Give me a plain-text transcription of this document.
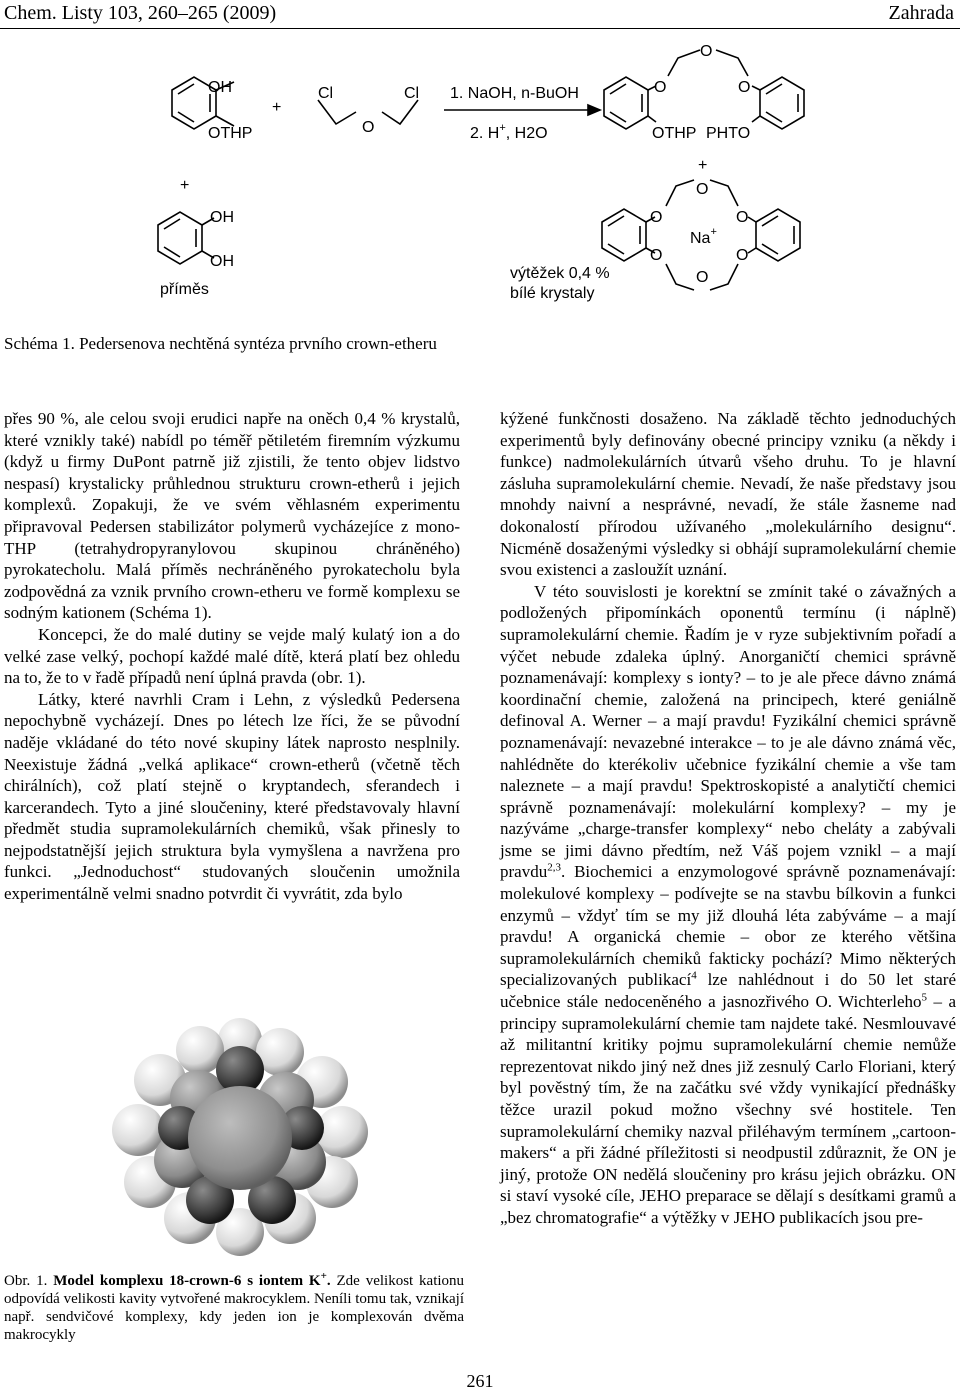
Chem. Listy 103, 260–265 (2009)	Zahrada
OH
OTHP
+
Cl
O
Cl 1. NaOH, n-BuOH
2. H+, H2O
O
O
O
OTHP PHTO
+
+
OH
OH
příměs
výtěžek 0,4 %
bílé krystaly
O
O	O
O	O
O
Na+
Schéma 1. Pedersenova nechtěná syntéza prvního crown-etheru

přes 90 %, ale celou svoji erudici napře na oněch 0,4 % krystalů, které vznikly také) nabídl po téměř pětiletém firemním výzkumu (když u firmy DuPont patrně již zjistili, že tento objev lidstvo nespasí) krystalicky průhlednou strukturu crown-etherů i jejich komplexů. Zopakuji, že ve svém věhlasném experimentu připravoval Pedersen stabilizátor polymerů vycházejíce z mono-THP (tetrahydropyranylovou skupinou chráněného) pyrokatecholu. Malá příměs nechráněného pyrokatecholu byla zodpovědná za vznik prvního crown-etheru ve formě komplexu se sodným kationem (Schéma 1).

Koncepci, že do malé dutiny se vejde malý kulatý ion a do velké zase velký, pochopí každé malé dítě, která platí bez ohledu na to, že to v řadě případů není úplná pravda (obr. 1).

Látky, které navrhli Cram i Lehn, z výsledků Pedersena nepochybně vycházejí. Dnes po létech lze říci, že se původní naděje vkládané do této nové skupiny látek naprosto nesplnily. Neexistuje žádná „velká aplikace“ crown-etherů (včetně těch chirálních), což platí stejně o kryptandech, sferandech i karcerandech. Tyto a jiné sloučeniny, které představovaly hlavní předmět studia supramolekulárních chemiků, však přinesly to nejpodstatnější jejich struktura byla vymyšlena a navržena pro funkci. „Jednoduchost“ studovaných sloučenin umožnila experimentálně velmi snadno potvrdit či vyvrátit, zda bylo

Obr. 1. Model komplexu 18-crown-6 s iontem K+. Zde velikost kationu odpovídá velikosti kavity vytvořené makrocyklem. Neníli tomu tak, vznikají např. sendvičové komplexy, kdy jeden ion je komplexován dvěma makrocykly

kýžené funkčnosti dosaženo. Na základě těchto jednoduchých experimentů byly definovány obecné principy vzniku (a někdy i funkce) nadmolekulárních útvarů všeho druhu. To je hlavní zásluha supramolekulární chemie. Nevadí, že naše představy jsou mnohdy naivní a nesprávné, nevadí, že stále žasneme nad dokonalostí přírodou užívaného „molekulárního designu“. Nicméně dosaženými výsledky si obhájí supramolekulární chemie svou existenci a zasloužít uznání.

V této souvislosti je korektní se zmínit také o závažných a podložených připomínkách oponentů termínu (i náplně) supramolekulární chemie. Řadím je v ryze subjektivním pořadí a výčet nebude zdaleka úplný. Anorganičtí chemici správně poznamenávají: komplexy s ionty? – to je ale přece dávno známá koordinační chemie, založená na principech, které geniálně definoval A. Werner – a mají pravdu! Fyzikální chemici správně poznamenávají: nevazebné interakce – to je ale dávno známá věc, nahlédněte do kterékoliv učebnice fyzikální chemie a vše tam naleznete – a mají pravdu! Spektroskopisté a analytičtí chemici správně poznamenávají: molekulární komplexy? – my je nazýváme „charge-transfer komplexy“ nebo cheláty a zabývali jsme se jimi dávno předtím, než Váš pojem vznikl – a mají pravdu$^{2,3}$. Biochemici a enzymologové správně poznamenávají: molekulové komplexy – podívejte se na stavbu bílkovin a funkci enzymů – vždyť tím se my již dlouhá léta zabýváme – a mají pravdu! A organická chemie – obor ze kterého většina supramolekulárních chemiků fakticky pochází? Mimo některých specializovaných publikací$^4$ lze nahlédnout i do 50 let staré učebnice stále nedoceněného a jasnozřivého O. Wichterleho$^5$ – a principy supramolekulární chemie tam najdete také. Nesmlouvavé až militantní kritiky pojmu supramolekulární chemie nemůže reprezentovat nikdo jiný než dnes již zesnulý Carlo Floriani, který byl pověstný tím, že na začátku své vždy vynikající přednášky těžce urazil pokud možno všechny své hostitele. Ten supramolekulární chemiky nazval přiléhavým termínem „cartoon-makers“ a při žádné příležitosti si neodpustil zdůraznit, že ON je jiný, protože ON nedělá sloučeniny pro krásu jejich obrázku. ON si staví vysoké cíle, JEHO preparace se dělají s desítkami gramů a „bez chromatografie“ a výtěžky v JEHO publikacích jsou pre-

261
